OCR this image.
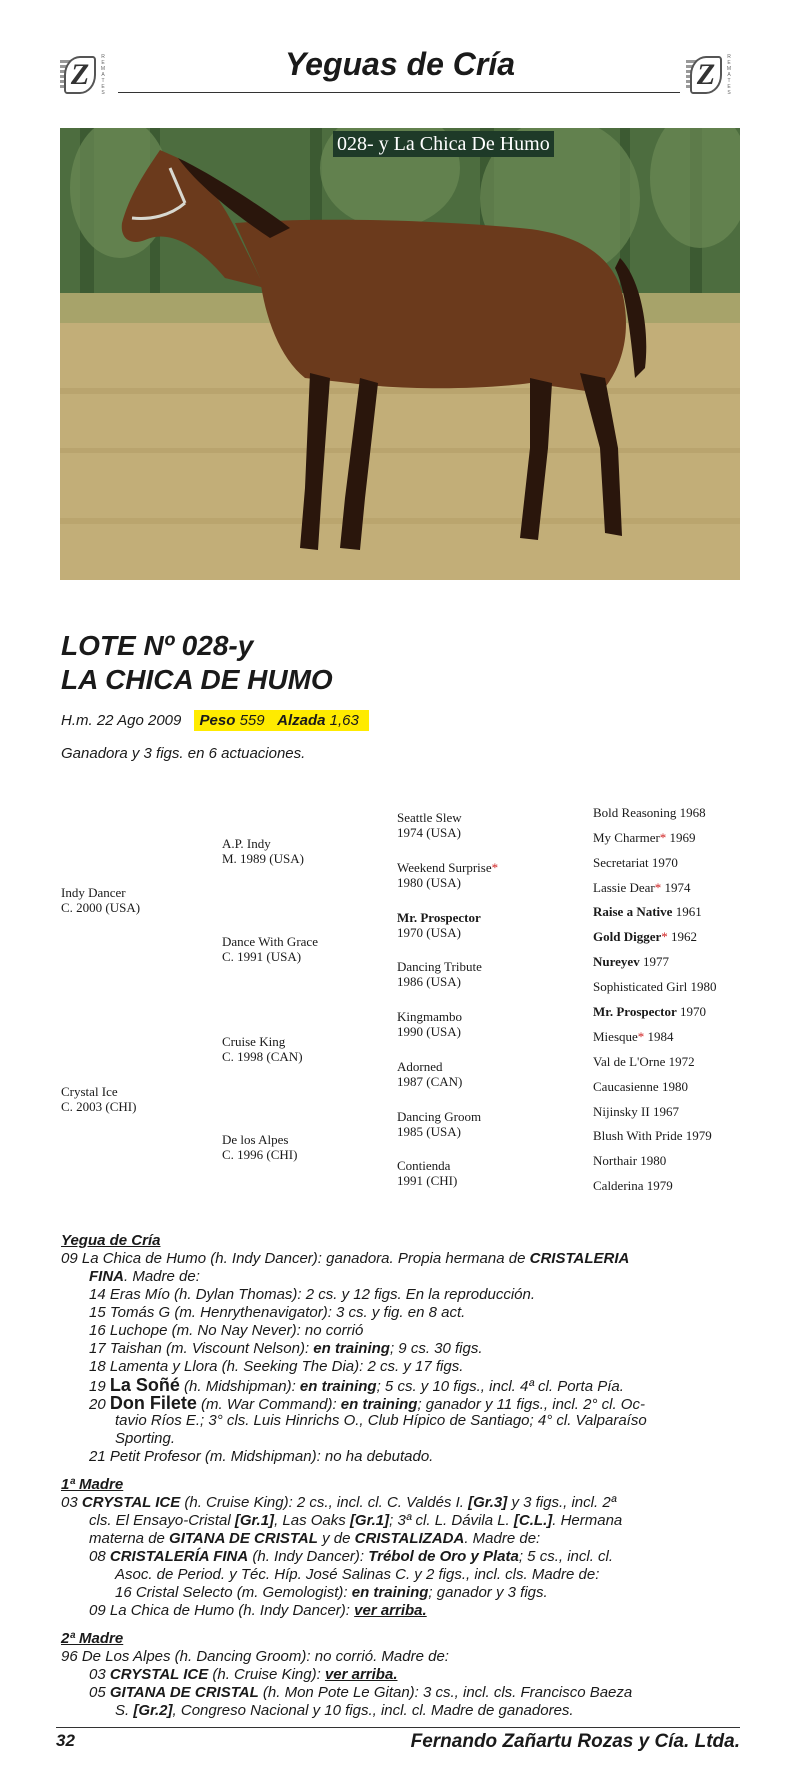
Z
REMATES
Yeguas de Cría	Z
REMATES
028- y La Chica De Humo
LOTE Nº 028-y
LA CHICA DE HUMO
H.m. 22 Ago 2009 Peso 559 Alzada 1,63
Ganadora y 3 figs. en 6 actuaciones.
Indy Dancer
C. 2000 (USA)
Crystal Ice
C. 2003 (CHI)
A.P. Indy
M. 1989 (USA)
Dance With Grace
C. 1991 (USA)
Cruise King
C. 1998 (CAN)
De los Alpes
C. 1996 (CHI)
Seattle Slew
1974 (USA)
Weekend Surprise*
1980 (USA)
Mr. Prospector
1970 (USA)
Dancing Tribute
1986 (USA)
Kingmambo
1990 (USA)
Adorned
1987 (CAN)
Dancing Groom
1985 (USA)
Contienda
1991 (CHI)
Bold Reasoning 1968
My Charmer* 1969
Secretariat 1970
Lassie Dear* 1974
Raise a Native 1961
Gold Digger* 1962
Nureyev 1977
Sophisticated Girl 1980
Mr. Prospector 1970
Miesque* 1984
Val de L'Orne 1972
Caucasienne 1980
Nijinsky II 1967
Blush With Pride 1979
Northair 1980
Calderina 1979
Yegua de Cría
09 La Chica de Humo (h. Indy Dancer): ganadora. Propia hermana de CRISTALERIA
FINA. Madre de:
14 Eras Mío (h. Dylan Thomas): 2 cs. y 12 figs. En la reproducción.
15 Tomás G (m. Henrythenavigator): 3 cs. y fig. en 8 act.
16 Luchope (m. No Nay Never): no corrió
17 Taishan (m. Viscount Nelson): en training; 9 cs. 30 figs.
18 Lamenta y Llora (h. Seeking The Dia): 2 cs. y 17 figs.
19 La Soñé (h. Midshipman): en training; 5 cs. y 10 figs., incl. 4ª cl. Porta Pía.
20 Don Filete (m. War Command): en training; ganador y 11 figs., incl. 2° cl. Oc-
tavio Ríos E.; 3° cls. Luis Hinrichs O., Club Hípico de Santiago; 4° cl. Valparaíso
Sporting.
21 Petit Profesor (m. Midshipman): no ha debutado.
1ª Madre
03 CRYSTAL ICE (h. Cruise King): 2 cs., incl. cl. C. Valdés I. [Gr.3] y 3 figs., incl. 2ª
cls. El Ensayo-Cristal [Gr.1], Las Oaks [Gr.1]; 3ª cl. L. Dávila L. [C.L.]. Hermana
materna de GITANA DE CRISTAL y de CRISTALIZADA. Madre de:
08 CRISTALERÍA FINA (h. Indy Dancer): Trébol de Oro y Plata; 5 cs., incl. cl.
Asoc. de Period. y Téc. Híp. José Salinas C. y 2 figs., incl. cls. Madre de:
16 Cristal Selecto (m. Gemologist): en training; ganador y 3 figs.
09 La Chica de Humo (h. Indy Dancer): ver arriba.
2ª Madre
96 De Los Alpes (h. Dancing Groom): no corrió. Madre de:
03 CRYSTAL ICE (h. Cruise King): ver arriba.
05 GITANA DE CRISTAL (h. Mon Pote Le Gitan): 3 cs., incl. cls. Francisco Baeza
S. [Gr.2], Congreso Nacional y 10 figs., incl. cl. Madre de ganadores.
32	Fernando Zañartu Rozas y Cía. Ltda.
